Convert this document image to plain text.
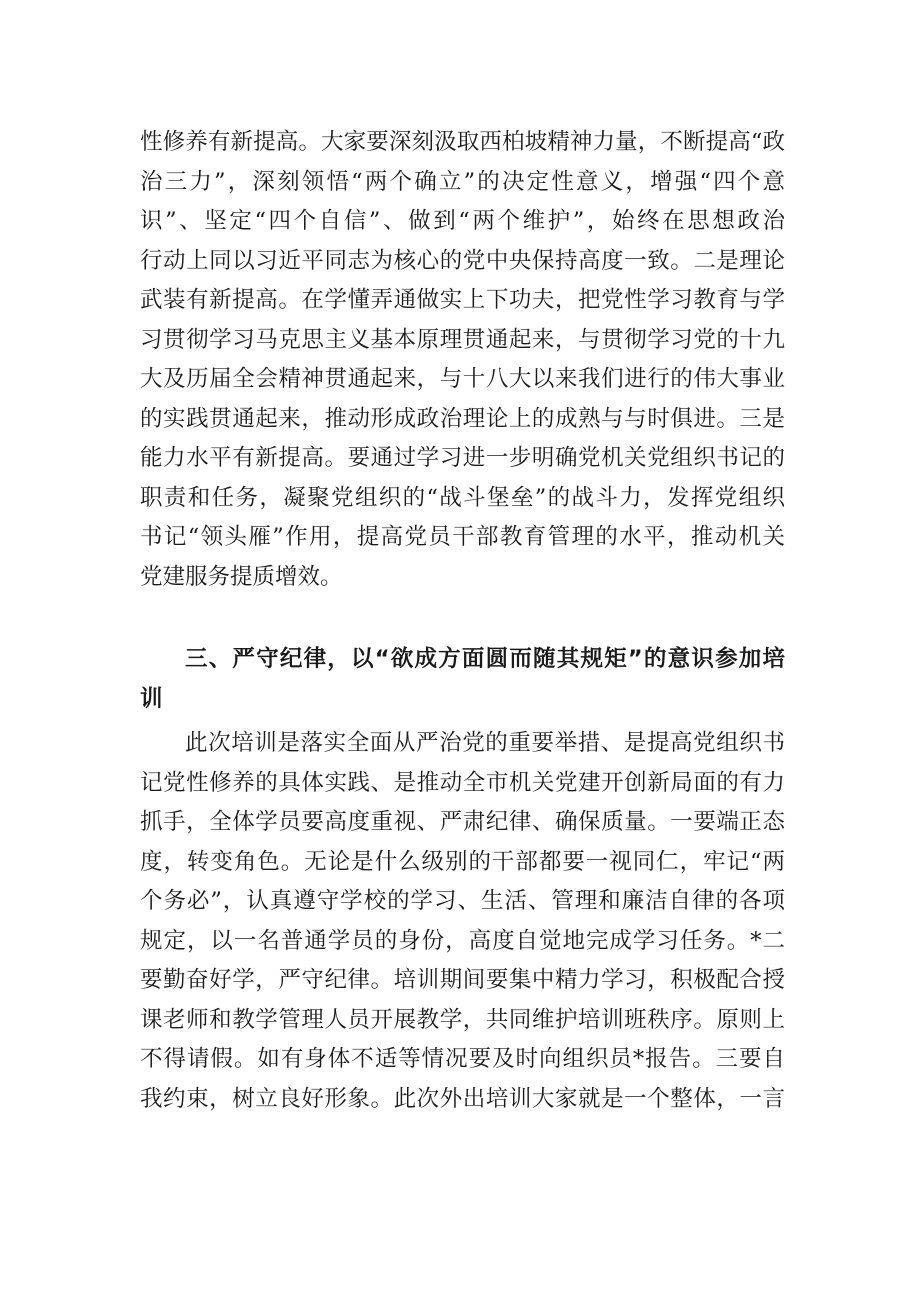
性修养有新提高。大家要深刻汲取西柏坡精神力量，不断提高“政
治三力”，深刻领悟“两个确立”的决定性意义，增强“四个意
识”、坚定“四个自信”、做到“两个维护”，始终在思想政治
行动上同以习近平同志为核心的党中央保持高度一致。二是理论
武装有新提高。在学懂弄通做实上下功夫，把党性学习教育与学
习贯彻学习马克思主义基本原理贯通起来，与贯彻学习党的十九
大及历届全会精神贯通起来，与十八大以来我们进行的伟大事业
的实践贯通起来，推动形成政治理论上的成熟与与时俱进。三是
能力水平有新提高。要通过学习进一步明确党机关党组织书记的
职责和任务，凝聚党组织的“战斗堡垒”的战斗力，发挥党组织
书记“领头雁”作用，提高党员干部教育管理的水平，推动机关
党建服务提质增效。
三、严守纪律，以“欲成方面圆而随其规矩”的意识参加培
训
此次培训是落实全面从严治党的重要举措、是提高党组织书
记党性修养的具体实践、是推动全市机关党建开创新局面的有力
抓手，全体学员要高度重视、严肃纪律、确保质量。一要端正态
度，转变角色。无论是什么级别的干部都要一视同仁，牢记“两
个务必”，认真遵守学校的学习、生活、管理和廉洁自律的各项
规定，以一名普通学员的身份，高度自觉地完成学习任务。*二
要勤奋好学，严守纪律。培训期间要集中精力学习，积极配合授
课老师和教学管理人员开展教学，共同维护培训班秩序。原则上
不得请假。如有身体不适等情况要及时向组织员*报告。三要自
我约束，树立良好形象。此次外出培训大家就是一个整体，一言
